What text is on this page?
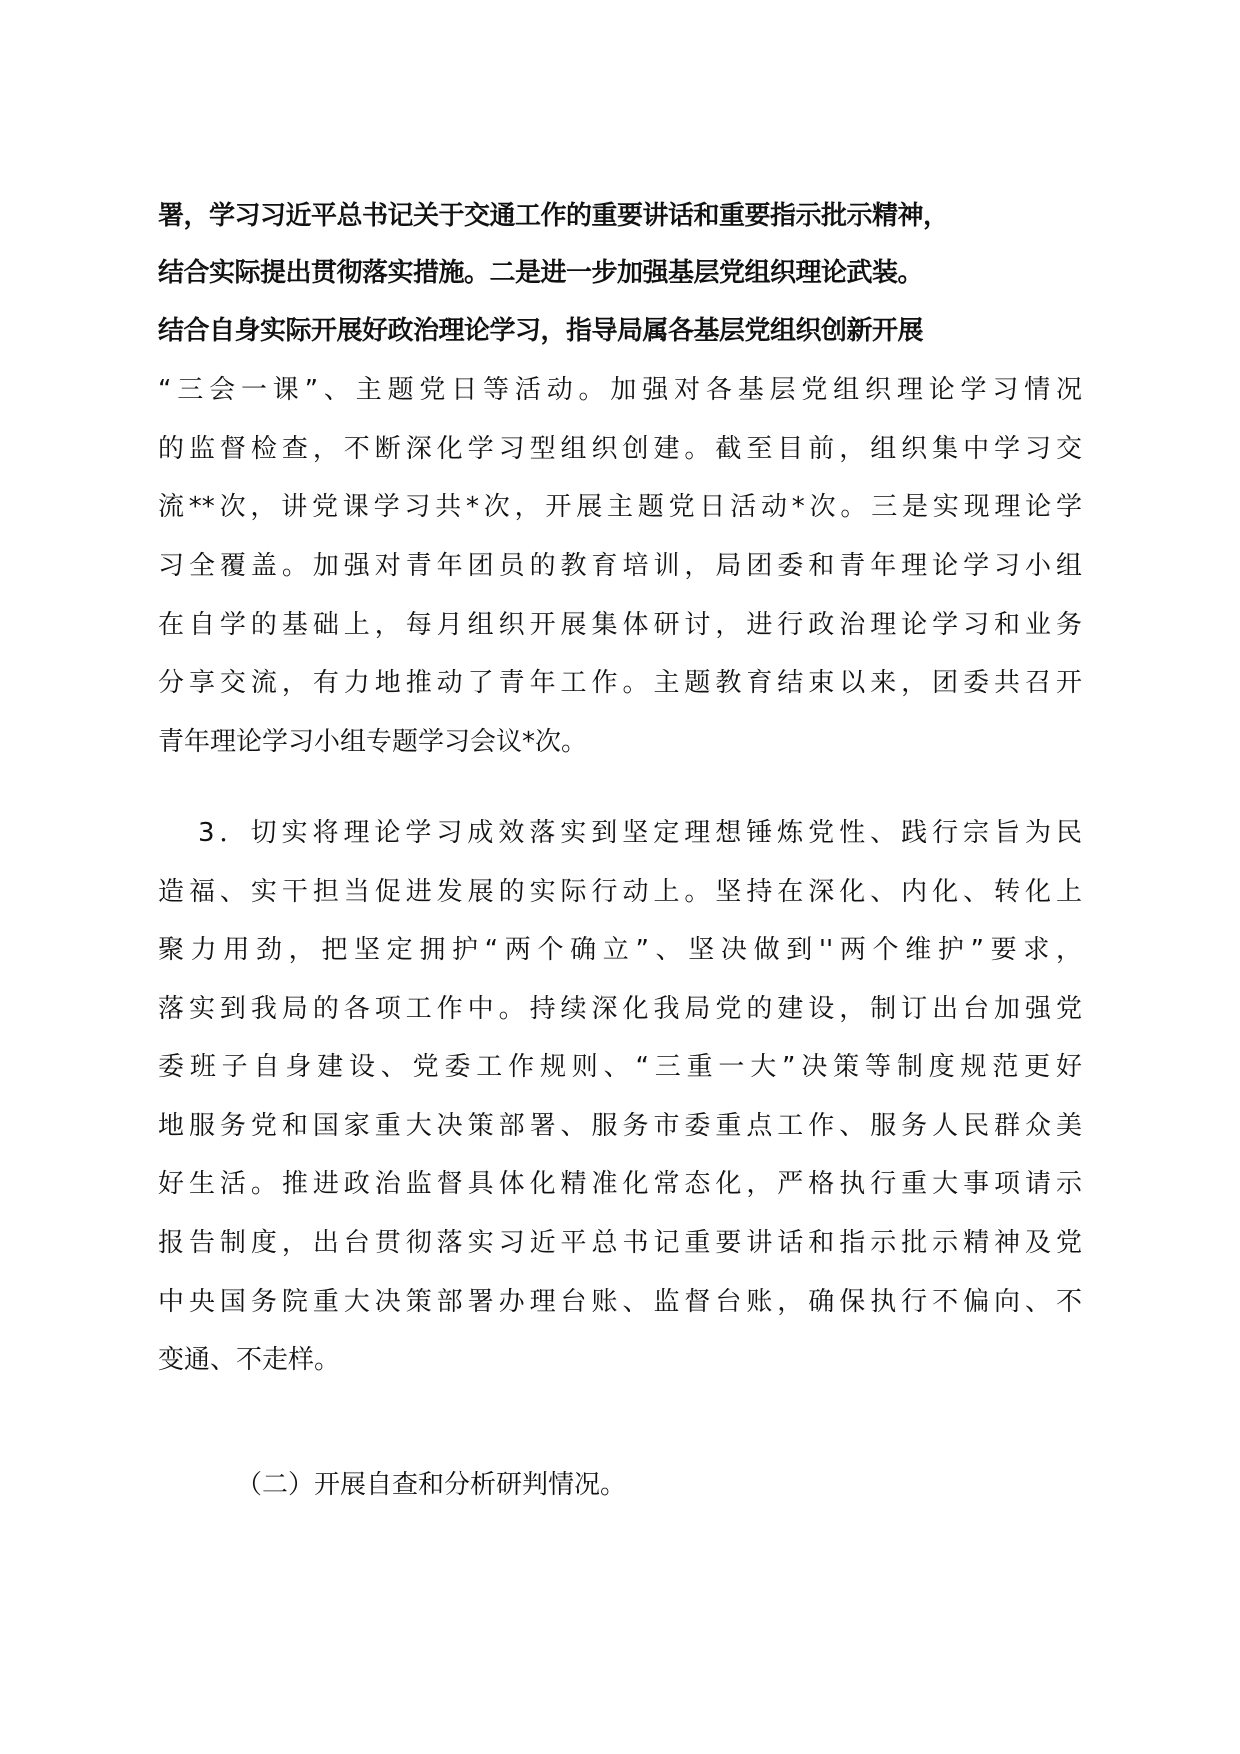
署，学习习近平总书记关于交通工作的重要讲话和重要指示批示精神，
结合实际提出贯彻落实措施。二是进一步加强基层党组织理论武装。
结合自身实际开展好政治理论学习，指导局属各基层党组织创新开展
“三会一课”、主题党日等活动。加强对各基层党组织理论学习情况
的监督检查，不断深化学习型组织创建。截至目前，组织集中学习交
流**次，讲党课学习共*次，开展主题党日活动*次。三是实现理论学
习全覆盖。加强对青年团员的教育培训，局团委和青年理论学习小组
在自学的基础上，每月组织开展集体研讨，进行政治理论学习和业务
分享交流，有力地推动了青年工作。主题教育结束以来，团委共召开
青年理论学习小组专题学习会议*次。
3．切实将理论学习成效落实到坚定理想锤炼党性、践行宗旨为民
造福、实干担当促进发展的实际行动上。坚持在深化、内化、转化上
聚力用劲，把坚定拥护“两个确立”、坚决做到''两个维护”要求，
落实到我局的各项工作中。持续深化我局党的建设，制订出台加强党
委班子自身建设、党委工作规则、“三重一大”决策等制度规范更好
地服务党和国家重大决策部署、服务市委重点工作、服务人民群众美
好生活。推进政治监督具体化精准化常态化，严格执行重大事项请示
报告制度，出台贯彻落实习近平总书记重要讲话和指示批示精神及党
中央国务院重大决策部署办理台账、监督台账，确保执行不偏向、不
变通、不走样。
（二）开展自查和分析研判情况。
